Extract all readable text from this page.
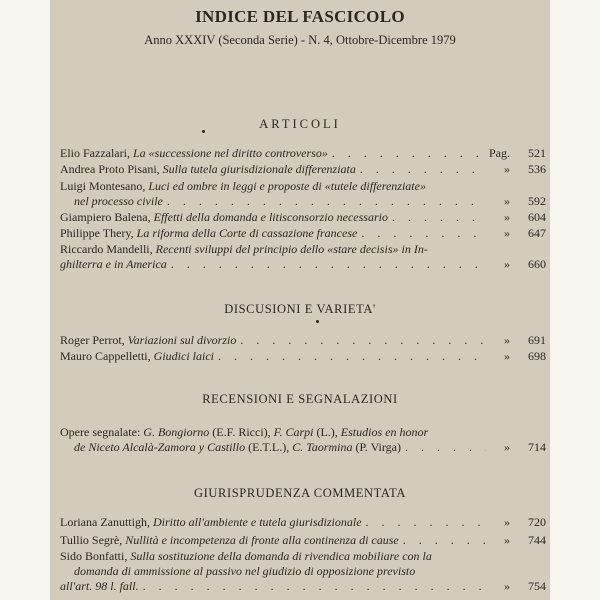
INDICE DEL FASCICOLO
Anno XXXIV (Seconda Serie) - N. 4, Ottobre-Dicembre 1979
ARTICOLI
Elio Fazzalari, La «successione nel diritto controverso» . . .	Pag.	521
Andrea Proto Pisani, Sulla tutela giurisdizionale differenziata . . .	»	536
Luigi Montesano, Luci ed ombre in leggi e proposte di «tutele differenziate»
nel processo civile . . .	»	592
Giampiero Balena, Effetti della domanda e litisconsorzio necessario . . .	»	604
Philippe Thery, La riforma della Corte di cassazione francese . . .	»	647
Riccardo Mandelli, Recenti sviluppi del principio dello «stare decisis» in In-
ghilterra e in America . . .	»	660
DISCUSIONI E VARIETA'
Roger Perrot, Variazioni sul divorzio . . .	»	691
Mauro Cappelletti, Giudici laici . . .	»	698
RECENSIONI E SEGNALAZIONI
Opere segnalate: G. Bongiorno (E.F. Ricci), F. Carpi (L.), Estudios en honor
de Niceto Alcalà-Zamora y Castillo (E.T.L.), C. Taormina (P. Virga) . . .	»	714
GIURISPRUDENZA COMMENTATA
Loriana Zanuttigh, Diritto all'ambiente e tutela giurisdizionale . . .	»	720
Tullio Segrè, Nullità e incompetenza di fronte alla continenza di cause . . .	»	744
Sido Bonfatti, Sulla sostituzione della domanda di rivendica mobiliare con la
domanda di ammissione al passivo nel giudizio di opposizione previsto
all'art. 98 l. fall. . . .	»	754
